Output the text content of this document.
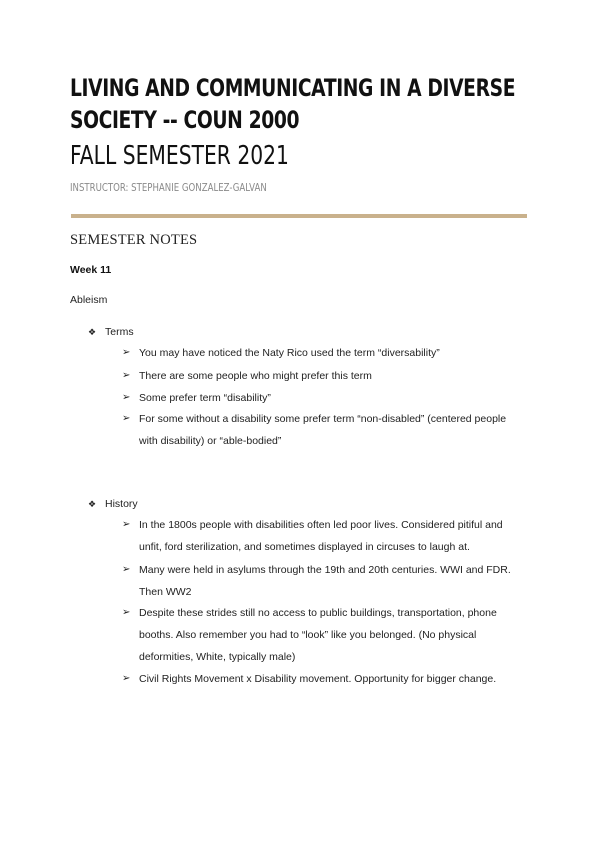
LIVING AND COMMUNICATING IN A DIVERSE
SOCIETY -- COUN 2000
FALL SEMESTER 2021
INSTRUCTOR: STEPHANIE GONZALEZ-GALVAN
SEMESTER NOTES
Week 11
Ableism
❖ Terms
➢ You may have noticed the Naty Rico used the term “diversability”
➢ There are some people who might prefer this term
➢ Some prefer term “disability”
➢ For some without a disability some prefer term “non-disabled” (centered people with disability) or “able-bodied”
❖ History
➢ In the 1800s people with disabilities often led poor lives. Considered pitiful and unfit, ford sterilization, and sometimes displayed in circuses to laugh at.
➢ Many were held in asylums through the 19th and 20th centuries. WWI and FDR. Then WW2
➢ Despite these strides still no access to public buildings, transportation, phone booths. Also remember you had to “look” like you belonged. (No physical deformities, White, typically male)
➢ Civil Rights Movement x Disability movement. Opportunity for bigger change.
